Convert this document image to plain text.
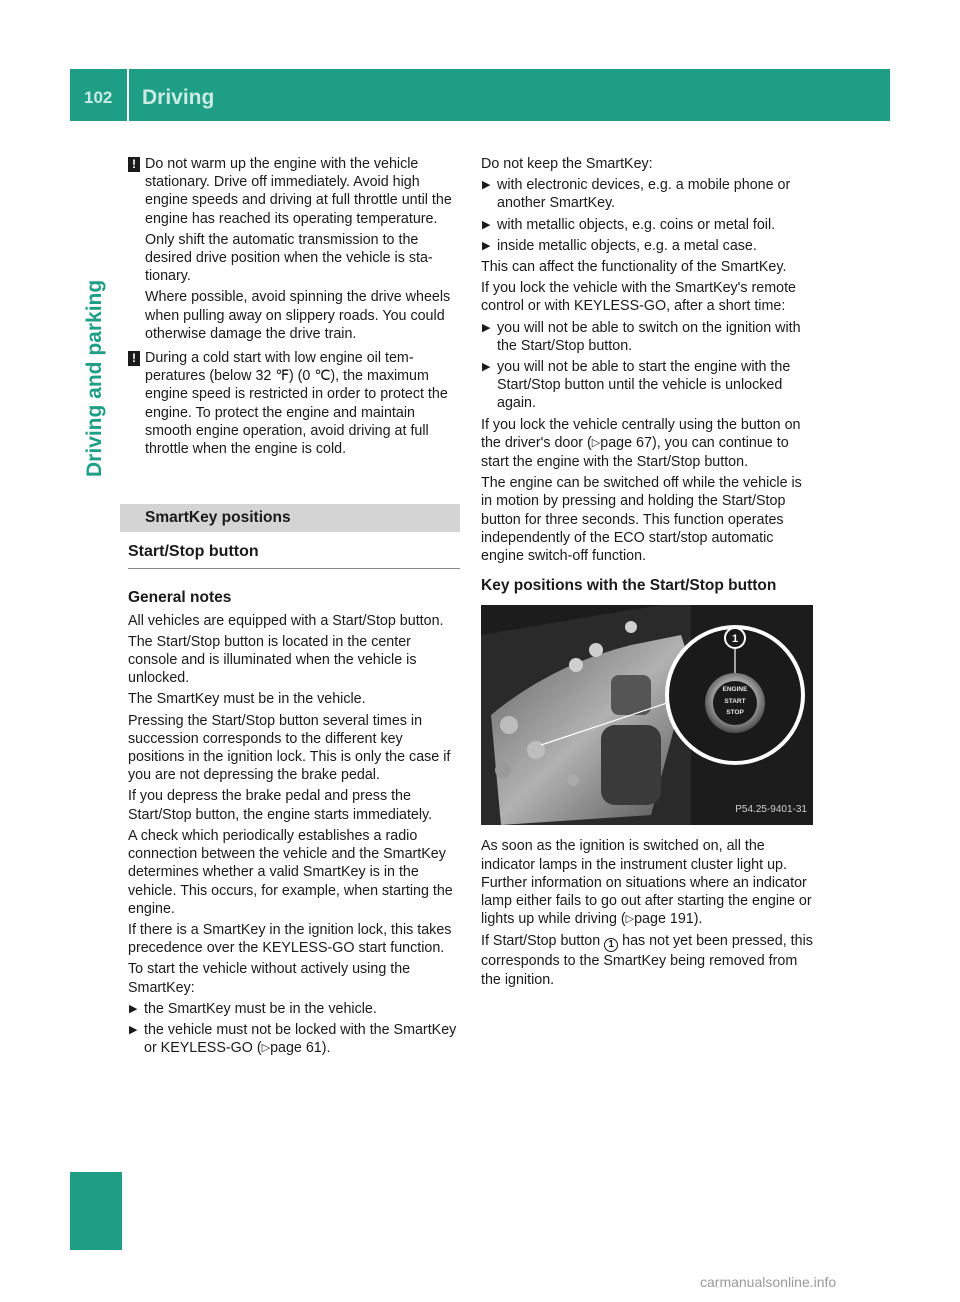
102 Driving
Driving and parking
! Do not warm up the engine with the vehicle stationary. Drive off immediately. Avoid high engine speeds and driving at full throttle until the engine has reached its operating temperature.

Only shift the automatic transmission to the desired drive position when the vehicle is stationary.

Where possible, avoid spinning the drive wheels when pulling away on slippery roads. You could otherwise damage the drive train.

! During a cold start with low engine oil temperatures (below 32 ℉) (0 ℃), the maximum engine speed is restricted in order to protect the engine. To protect the engine and maintain smooth engine operation, avoid driving at full throttle when the engine is cold.

SmartKey positions
Start/Stop button
General notes

All vehicles are equipped with a Start/Stop button.

The Start/Stop button is located in the center console and is illuminated when the vehicle is unlocked.

The SmartKey must be in the vehicle.

Pressing the Start/Stop button several times in succession corresponds to the different key positions in the ignition lock. This is only the case if you are not depressing the brake pedal.

If you depress the brake pedal and press the Start/Stop button, the engine starts immediately.

A check which periodically establishes a radio connection between the vehicle and the SmartKey determines whether a valid SmartKey is in the vehicle. This occurs, for example, when starting the engine.

If there is a SmartKey in the ignition lock, this takes precedence over the KEYLESS-GO start function.

To start the vehicle without actively using the SmartKey:

▶ the SmartKey must be in the vehicle.
▶ the vehicle must not be locked with the SmartKey or KEYLESS-GO (▷page 61).

Do not keep the SmartKey:

▶ with electronic devices, e.g. a mobile phone or another SmartKey.
▶ with metallic objects, e.g. coins or metal foil.
▶ inside metallic objects, e.g. a metal case.

This can affect the functionality of the SmartKey.

If you lock the vehicle with the SmartKey's remote control or with KEYLESS-GO, after a short time:

▶ you will not be able to switch on the ignition with the Start/Stop button.
▶ you will not be able to start the engine with the Start/Stop button until the vehicle is unlocked again.

If you lock the vehicle centrally using the button on the driver's door (▷page 67), you can continue to start the engine with the Start/Stop button.

The engine can be switched off while the vehicle is in motion by pressing and holding the Start/Stop button for three seconds. This function operates independently of the ECO start/stop automatic engine switch-off function.

Key positions with the Start/Stop button
1
ENGINE
START
STOP
P54.25-9401-31

As soon as the ignition is switched on, all the indicator lamps in the instrument cluster light up. Further information on situations where an indicator lamp either fails to go out after starting the engine or lights up while driving (▷page 191).

If Start/Stop button 1 has not yet been pressed, this corresponds to the SmartKey being removed from the ignition.

carmanualsonline.info
